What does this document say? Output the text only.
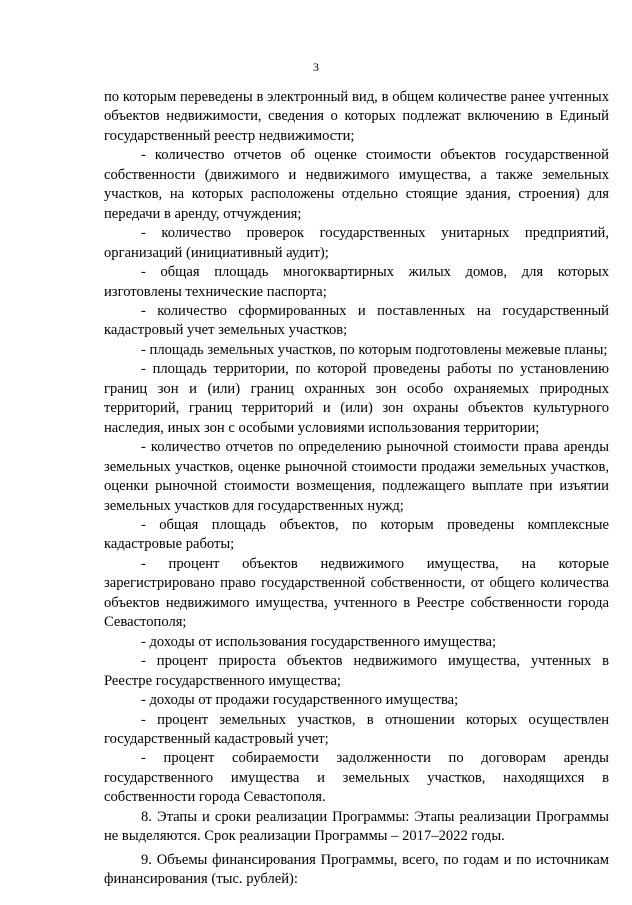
3

по которым переведены в электронный вид, в общем количестве ранее учтенных объектов недвижимости, сведения о которых подлежат включению в Единый государственный реестр недвижимости;

- количество отчетов об оценке стоимости объектов государственной собственности (движимого и недвижимого имущества, а также земельных участков, на которых расположены отдельно стоящие здания, строения) для передачи в аренду, отчуждения;

- количество проверок государственных унитарных предприятий, организаций (инициативный аудит);

- общая площадь многоквартирных жилых домов, для которых изготовлены технические паспорта;

- количество сформированных и поставленных на государственный кадастровый учет земельных участков;

- площадь земельных участков, по которым подготовлены межевые планы;

- площадь территории, по которой проведены работы по установлению границ зон и (или) границ охранных зон особо охраняемых природных территорий, границ территорий и (или) зон охраны объектов культурного наследия, иных зон с особыми условиями использования территории;

- количество отчетов по определению рыночной стоимости права аренды земельных участков, оценке рыночной стоимости продажи земельных участков, оценки рыночной стоимости возмещения, подлежащего выплате при изъятии земельных участков для государственных нужд;

- общая площадь объектов, по которым проведены комплексные кадастровые работы;

- процент объектов недвижимого имущества, на которые зарегистрировано право государственной собственности, от общего количества объектов недвижимого имущества, учтенного в Реестре собственности города Севастополя;

- доходы от использования государственного имущества;

- процент прироста объектов недвижимого имущества, учтенных в Реестре государственного имущества;

- доходы от продажи государственного имущества;

- процент земельных участков, в отношении которых осуществлен государственный кадастровый учет;

- процент собираемости задолженности по договорам аренды государственного имущества и земельных участков, находящихся в собственности города Севастополя.

8. Этапы и сроки реализации Программы: Этапы реализации Программы не выделяются. Срок реализации Программы – 2017–2022 годы.

9. Объемы финансирования Программы, всего, по годам и по источникам финансирования (тыс. рублей):
